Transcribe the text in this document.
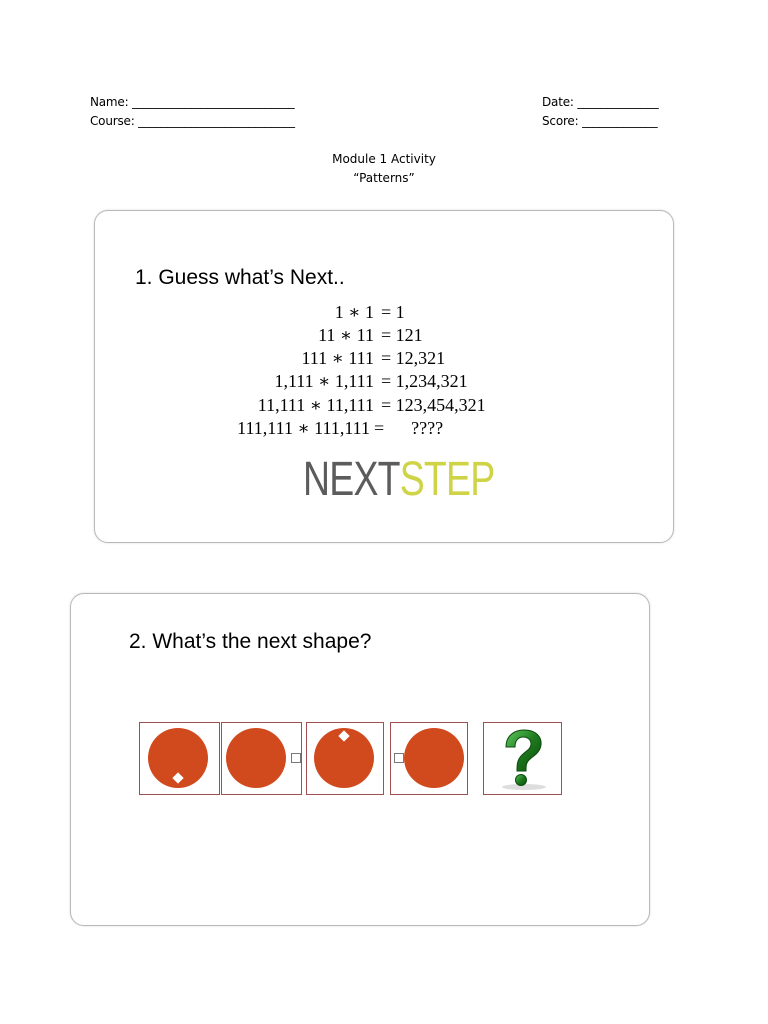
Name: ____________________________
Course: ___________________________
Date: ______________
Score: _____________
Module 1 Activity
“Patterns”
1. Guess what’s Next..
1 ∗ 1 = 1
11 ∗ 11 = 121
111 ∗ 111 = 12,321
1,111 ∗ 1,111 = 1,234,321
11,111 ∗ 11,111 = 123,454,321
111,111 ∗ 111,111 =      ????
NEXTSTEP
2. What’s the next shape?
